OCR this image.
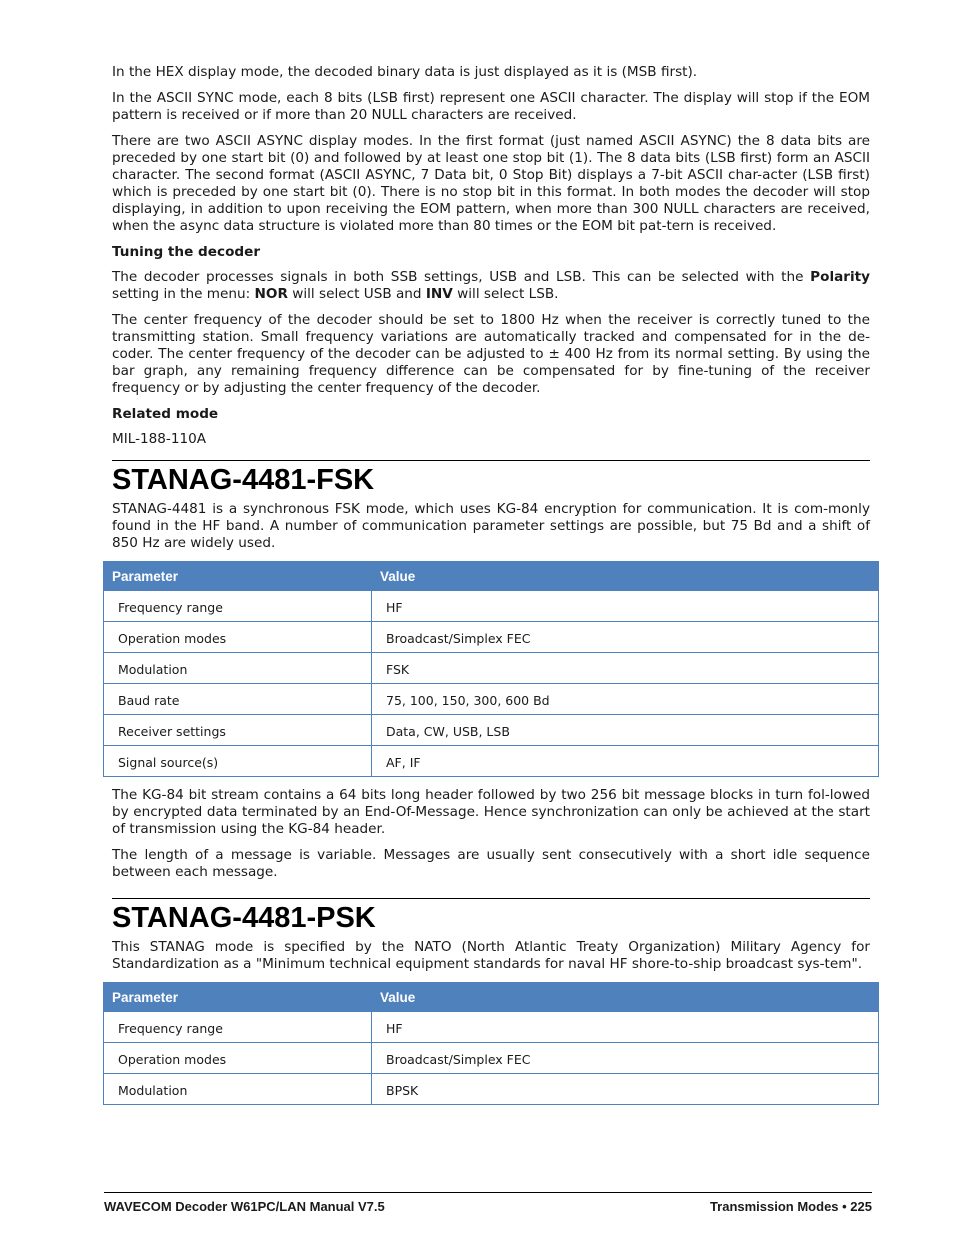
In the HEX display mode, the decoded binary data is just displayed as it is (MSB first).

In the ASCII SYNC mode, each 8 bits (LSB first) represent one ASCII character. The display will stop if the EOM pattern is received or if more than 20 NULL characters are received.

There are two ASCII ASYNC display modes. In the first format (just named ASCII ASYNC) the 8 data bits are preceded by one start bit (0) and followed by at least one stop bit (1). The 8 data bits (LSB first) form an ASCII character. The second format (ASCII ASYNC, 7 Data bit, 0 Stop Bit) displays a 7-bit ASCII char-acter (LSB first) which is preceded by one start bit (0). There is no stop bit in this format. In both modes the decoder will stop displaying, in addition to upon receiving the EOM pattern, when more than 300 NULL characters are received, when the async data structure is violated more than 80 times or the EOM bit pat-tern is received.

Tuning the decoder

The decoder processes signals in both SSB settings, USB and LSB. This can be selected with the Polarity setting in the menu: NOR will select USB and INV will select LSB.

The center frequency of the decoder should be set to 1800 Hz when the receiver is correctly tuned to the transmitting station. Small frequency variations are automatically tracked and compensated for in the de-coder. The center frequency of the decoder can be adjusted to ± 400 Hz from its normal setting. By using the bar graph, any remaining frequency difference can be compensated for by fine-tuning of the receiver frequency or by adjusting the center frequency of the decoder.

Related mode

MIL-188-110A

STANAG-4481-FSK

STANAG-4481 is a synchronous FSK mode, which uses KG-84 encryption for communication. It is com-monly found in the HF band. A number of communication parameter settings are possible, but 75 Bd and a shift of 850 Hz are widely used.

Parameter	Value
Frequency range	HF
Operation modes	Broadcast/Simplex FEC
Modulation	FSK
Baud rate	75, 100, 150, 300, 600 Bd
Receiver settings	Data, CW, USB, LSB
Signal source(s)	AF, IF

The KG-84 bit stream contains a 64 bits long header followed by two 256 bit message blocks in turn fol-lowed by encrypted data terminated by an End-Of-Message. Hence synchronization can only be achieved at the start of transmission using the KG-84 header.

The length of a message is variable. Messages are usually sent consecutively with a short idle sequence between each message.

STANAG-4481-PSK

This STANAG mode is specified by the NATO (North Atlantic Treaty Organization) Military Agency for Standardization as a "Minimum technical equipment standards for naval HF shore-to-ship broadcast sys-tem".

Parameter	Value
Frequency range	HF
Operation modes	Broadcast/Simplex FEC
Modulation	BPSK
WAVECOM Decoder W61PC/LAN Manual V7.5	Transmission Modes • 225
